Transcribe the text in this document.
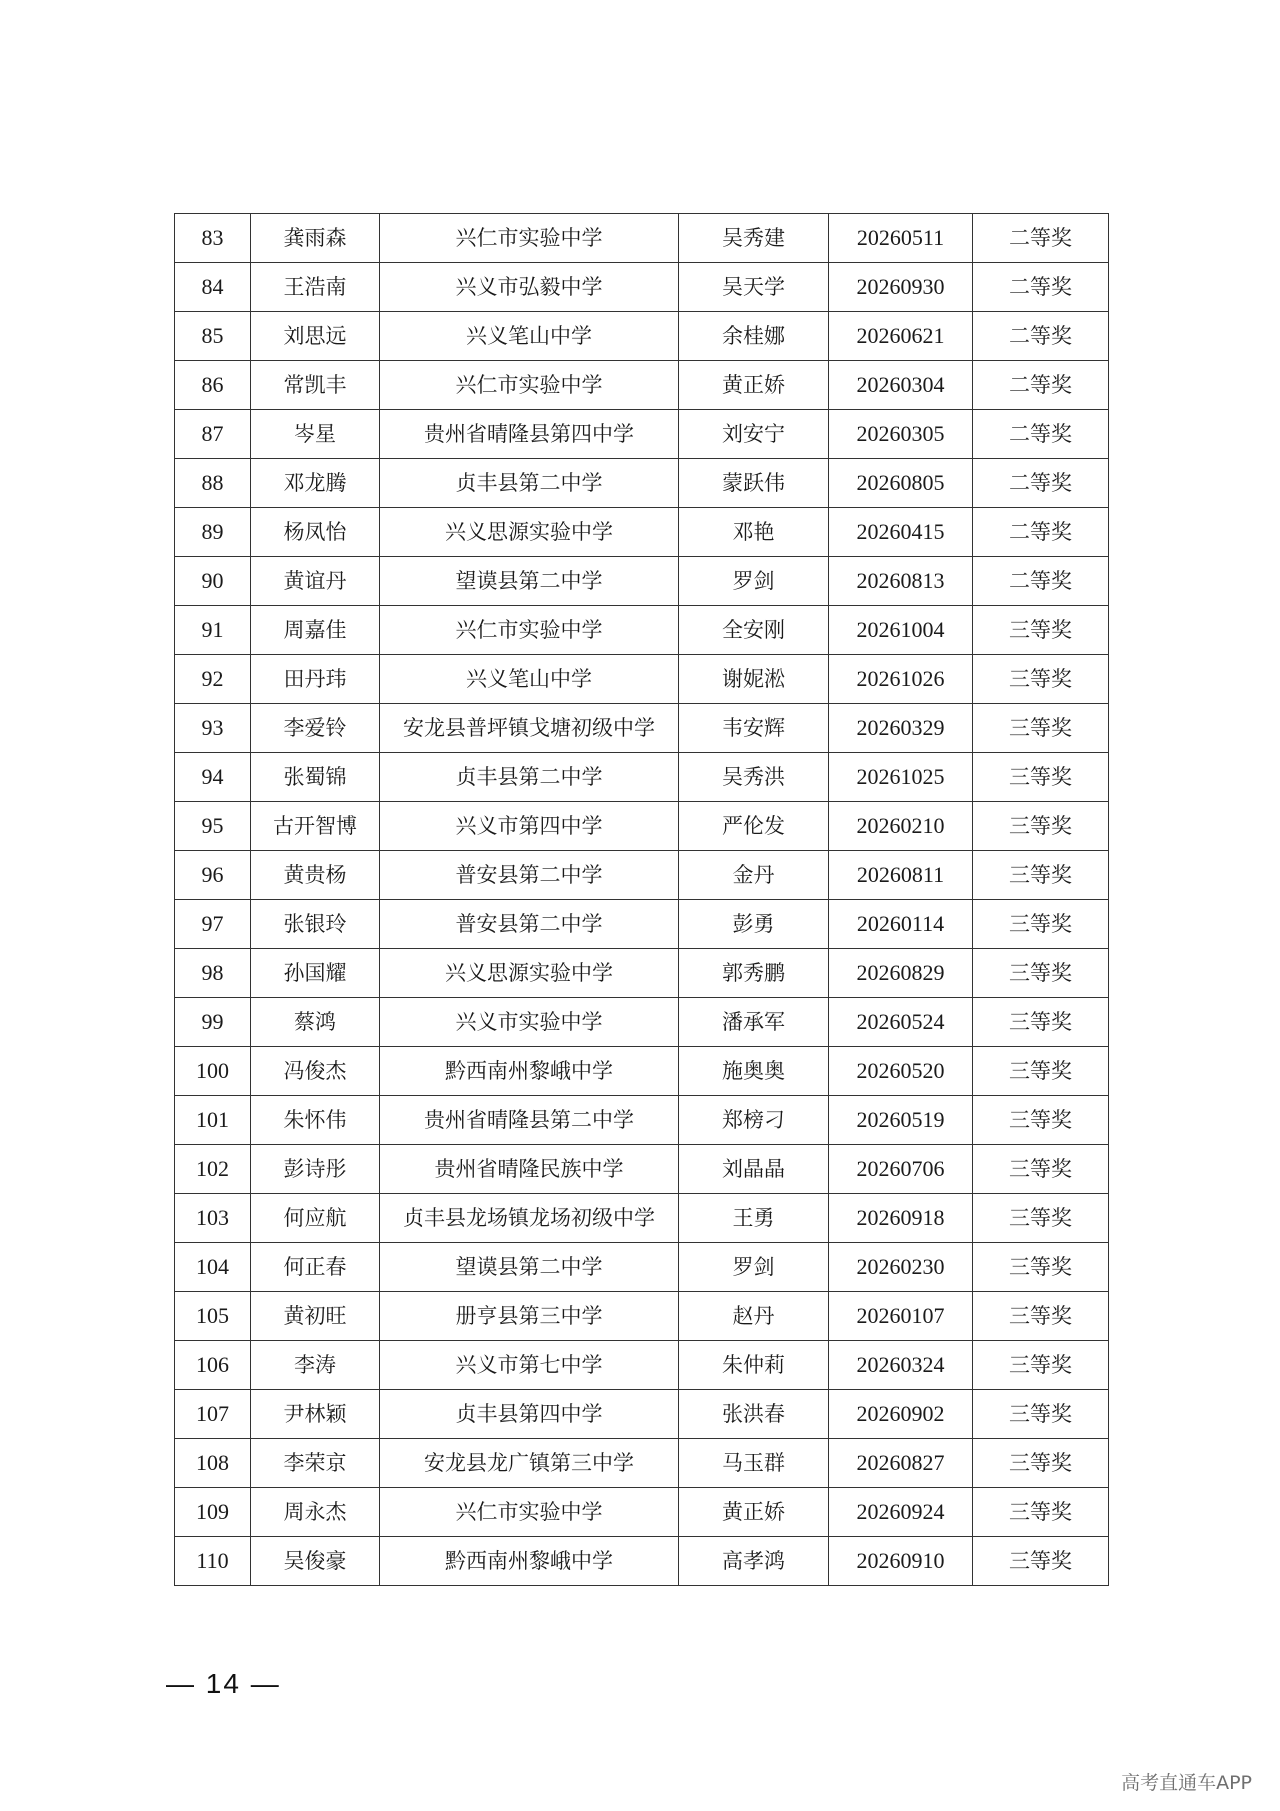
83	龚雨森	兴仁市实验中学	吴秀建	20260511	二等奖
84	王浩南	兴义市弘毅中学	吴天学	20260930	二等奖
85	刘思远	兴义笔山中学	余桂娜	20260621	二等奖
86	常凯丰	兴仁市实验中学	黄正娇	20260304	二等奖
87	岑星	贵州省晴隆县第四中学	刘安宁	20260305	二等奖
88	邓龙腾	贞丰县第二中学	蒙跃伟	20260805	二等奖
89	杨凤怡	兴义思源实验中学	邓艳	20260415	二等奖
90	黄谊丹	望谟县第二中学	罗剑	20260813	二等奖
91	周嘉佳	兴仁市实验中学	全安刚	20261004	三等奖
92	田丹玮	兴义笔山中学	谢妮淞	20261026	三等奖
93	李爱铃	安龙县普坪镇戈塘初级中学	韦安辉	20260329	三等奖
94	张蜀锦	贞丰县第二中学	吴秀洪	20261025	三等奖
95	古开智博	兴义市第四中学	严伦发	20260210	三等奖
96	黄贵杨	普安县第二中学	金丹	20260811	三等奖
97	张银玲	普安县第二中学	彭勇	20260114	三等奖
98	孙国耀	兴义思源实验中学	郭秀鹏	20260829	三等奖
99	蔡鸿	兴义市实验中学	潘承军	20260524	三等奖
100	冯俊杰	黔西南州黎峨中学	施奥奥	20260520	三等奖
101	朱怀伟	贵州省晴隆县第二中学	郑榜刁	20260519	三等奖
102	彭诗彤	贵州省晴隆民族中学	刘晶晶	20260706	三等奖
103	何应航	贞丰县龙场镇龙场初级中学	王勇	20260918	三等奖
104	何正春	望谟县第二中学	罗剑	20260230	三等奖
105	黄初旺	册亨县第三中学	赵丹	20260107	三等奖
106	李涛	兴义市第七中学	朱仲莉	20260324	三等奖
107	尹林颖	贞丰县第四中学	张洪春	20260902	三等奖
108	李荣京	安龙县龙广镇第三中学	马玉群	20260827	三等奖
109	周永杰	兴仁市实验中学	黄正娇	20260924	三等奖
110	吴俊豪	黔西南州黎峨中学	高孝鸿	20260910	三等奖
— 14 —
高考直通车APP
